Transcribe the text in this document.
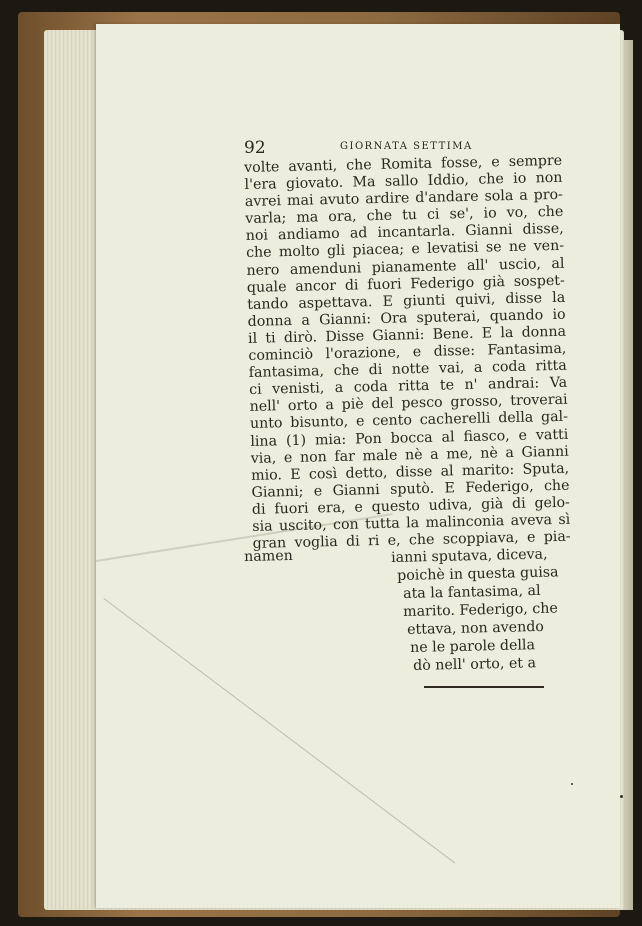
92	GIORNATA SETTIMA
volte avanti, che Romita fosse, e sempre
l'era giovato. Ma sallo Iddio, che io non
avrei mai avuto ardire d'andare sola a pro-
varla; ma ora, che tu ci se', io vo, che
noi andiamo ad incantarla. Gianni disse,
che molto gli piacea; e levatisi se ne ven-
nero amenduni pianamente all' uscio, al
quale ancor di fuori Federigo già sospet-
tando aspettava. E giunti quivi, disse la
donna a Gianni: Ora sputerai, quando io
il ti dirò. Disse Gianni: Bene. E la donna
cominciò l'orazione, e disse: Fantasima,
fantasima, che di notte vai, a coda ritta
ci venisti, a coda ritta te n' andrai: Va
nell' orto a piè del pesco grosso, troverai
unto bisunto, e cento cacherelli della gal-
lina (1) mia: Pon bocca al fiasco, e vatti
via, e non far male nè a me, nè a Gianni
mio. E così detto, disse al marito: Sputa,
Gianni; e Gianni sputò. E Federigo, che
di fuori era, e questo udiva, già di gelo-
sia uscito, con tutta la malinconia aveva sì
gran voglia di ri e, che scoppiava, e pia-
namen	ianni sputava, diceva,
poichè in questa guisa
ata la fantasima, al
marito. Federigo, che
ettava, non avendo
ne le parole della
dò nell' orto, et a
